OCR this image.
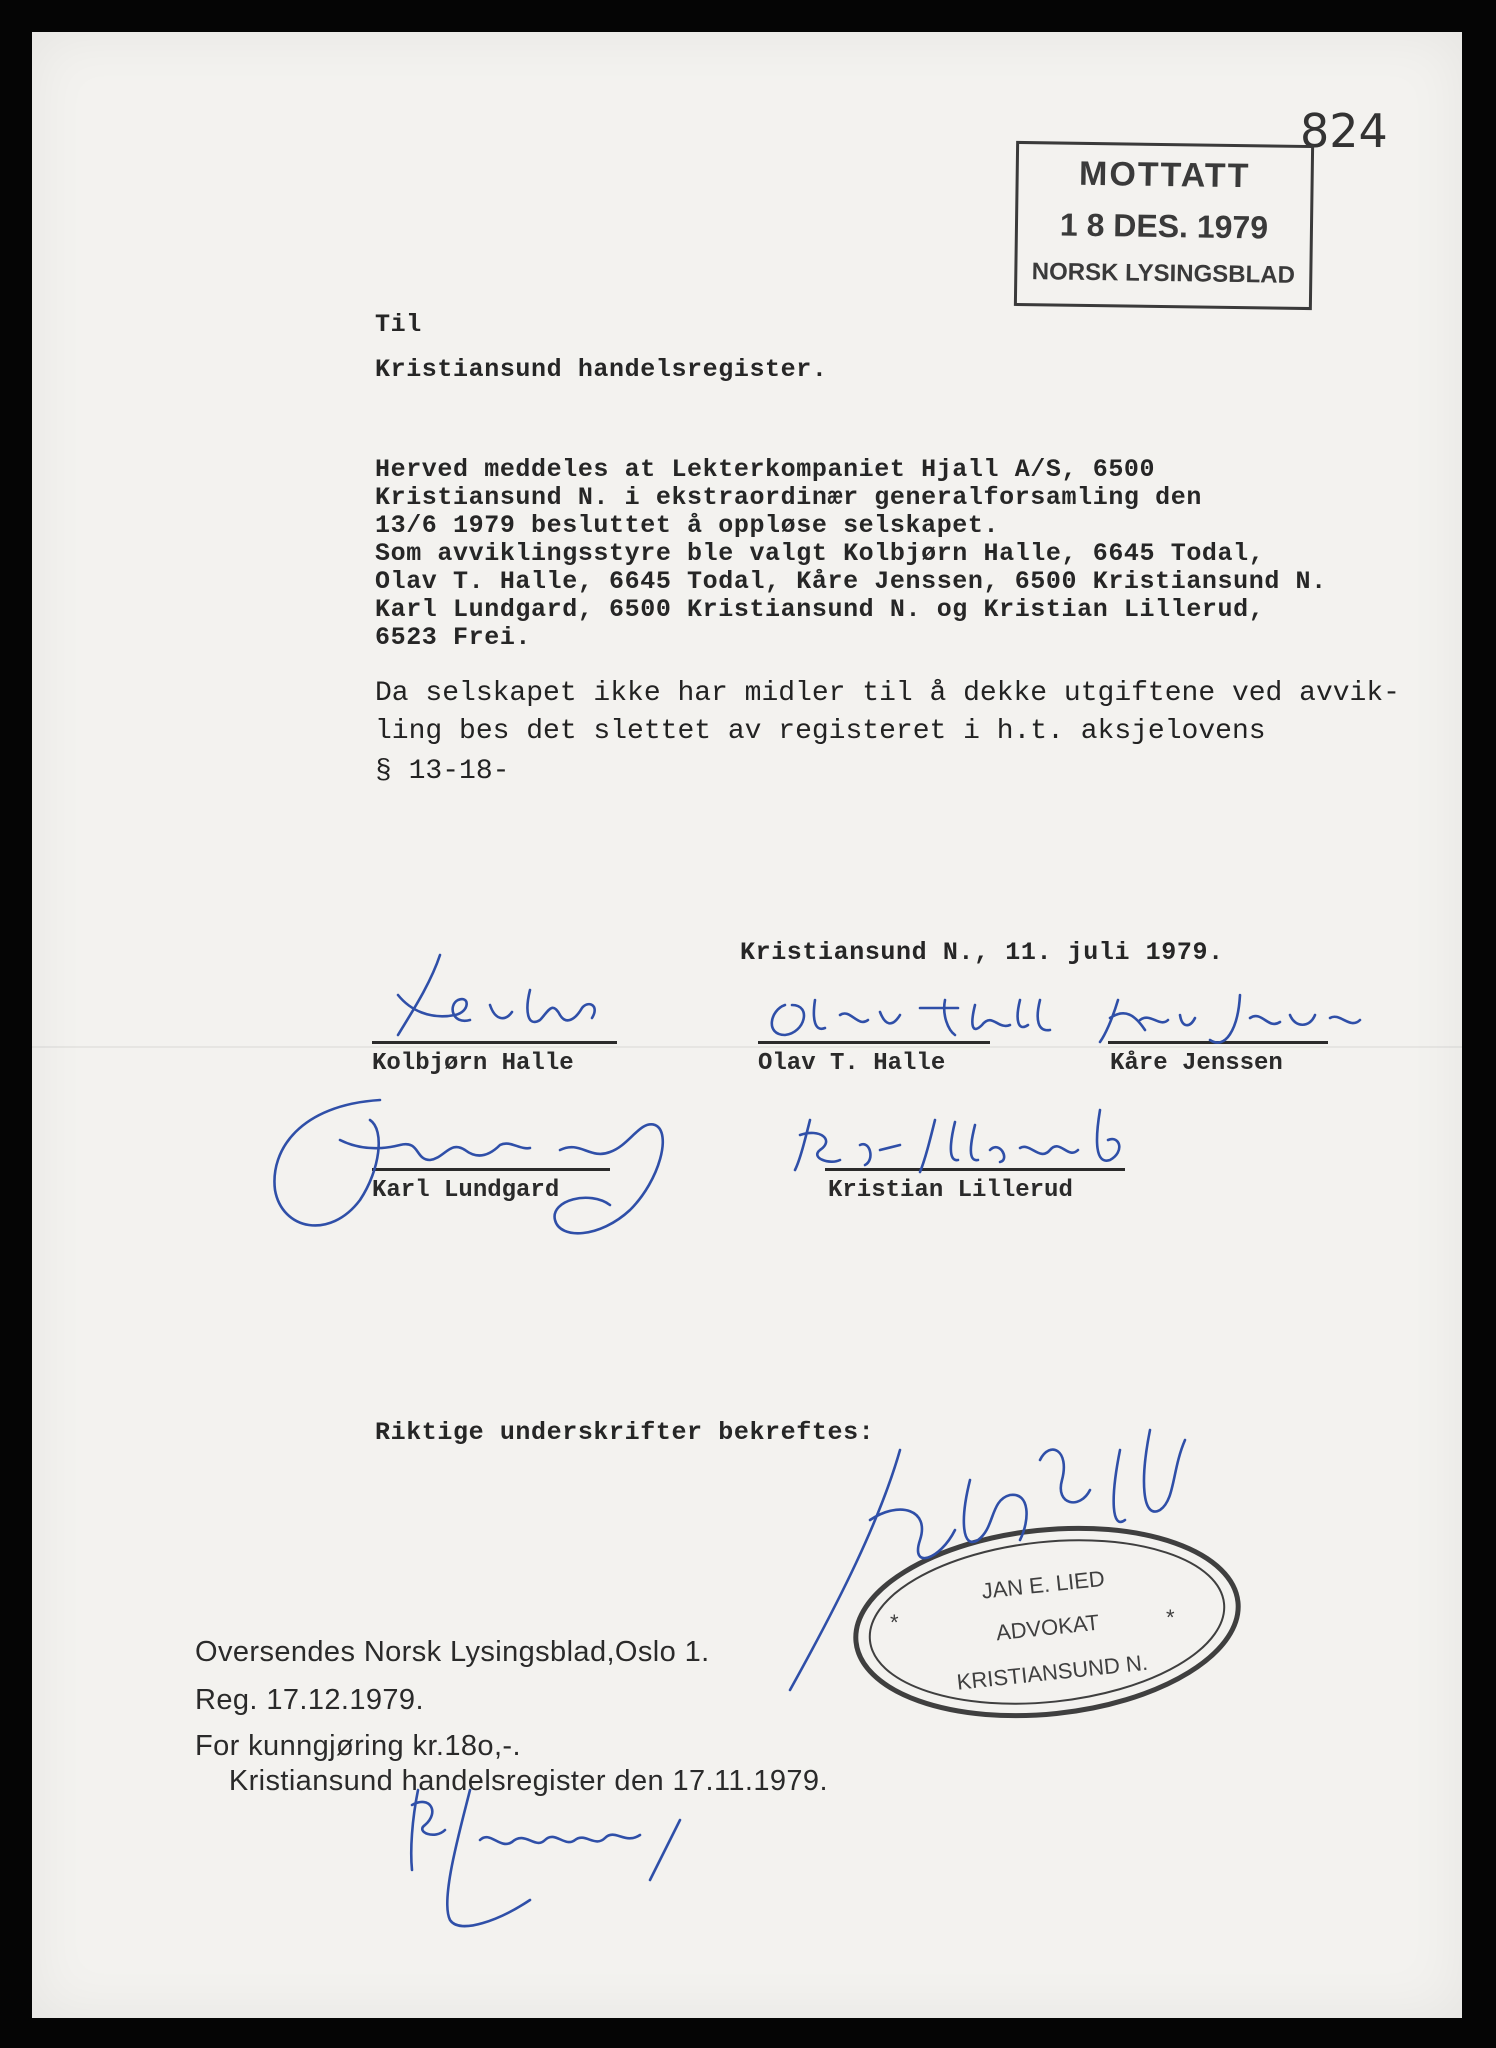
824
MOTTATT
1 8 DES. 1979
NORSK LYSINGSBLAD
Til
Kristiansund handelsregister.
Herved meddeles at Lekterkompaniet Hjall A/S, 6500
Kristiansund N. i ekstraordinær generalforsamling den
13/6 1979 besluttet å oppløse selskapet.
Som avviklingsstyre ble valgt Kolbjørn Halle, 6645 Todal,
Olav T. Halle, 6645 Todal, Kåre Jenssen, 6500 Kristiansund N.
Karl Lundgard, 6500 Kristiansund N. og Kristian Lillerud,
6523 Frei.
Da selskapet ikke har midler til å dekke utgiftene ved avvik-
ling bes det slettet av registeret i h.t. aksjelovens
§ 13-18-
Kristiansund N., 11. juli 1979.
Kolbjørn Halle	Olav T. Halle	Kåre Jenssen
Karl Lundgard	Kristian Lillerud
Riktige underskrifter bekreftes:
Oversendes Norsk Lysingsblad,Oslo 1.
Reg. 17.12.1979.
For kunngjøring kr.18o,-.
Kristiansund handelsregister den 17.11.1979.
JAN E. LIED
ADVOKAT
KRISTIANSUND N.
*	*
